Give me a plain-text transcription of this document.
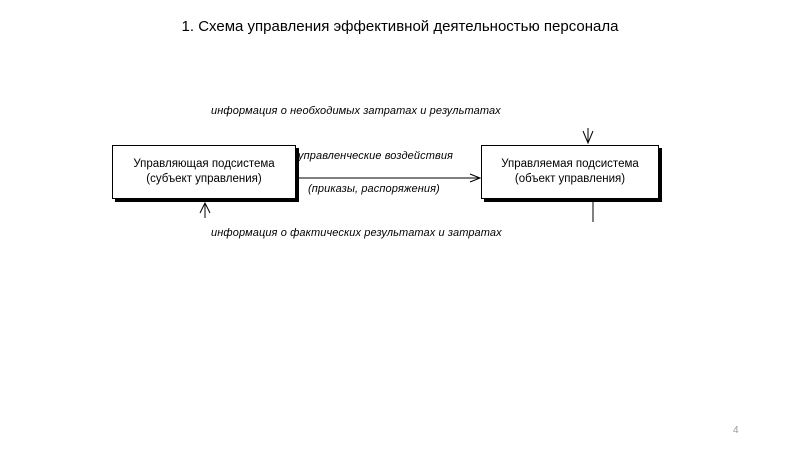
1. Схема управления эффективной деятельностью персонала
информация о необходимых затратах и результатах
Управляющая подсистема
(субъект управления)
управленческие воздействия
(приказы, распоряжения)
Управляемая подсистема
(объект управления)
информация о фактических результатах и затратах
4
